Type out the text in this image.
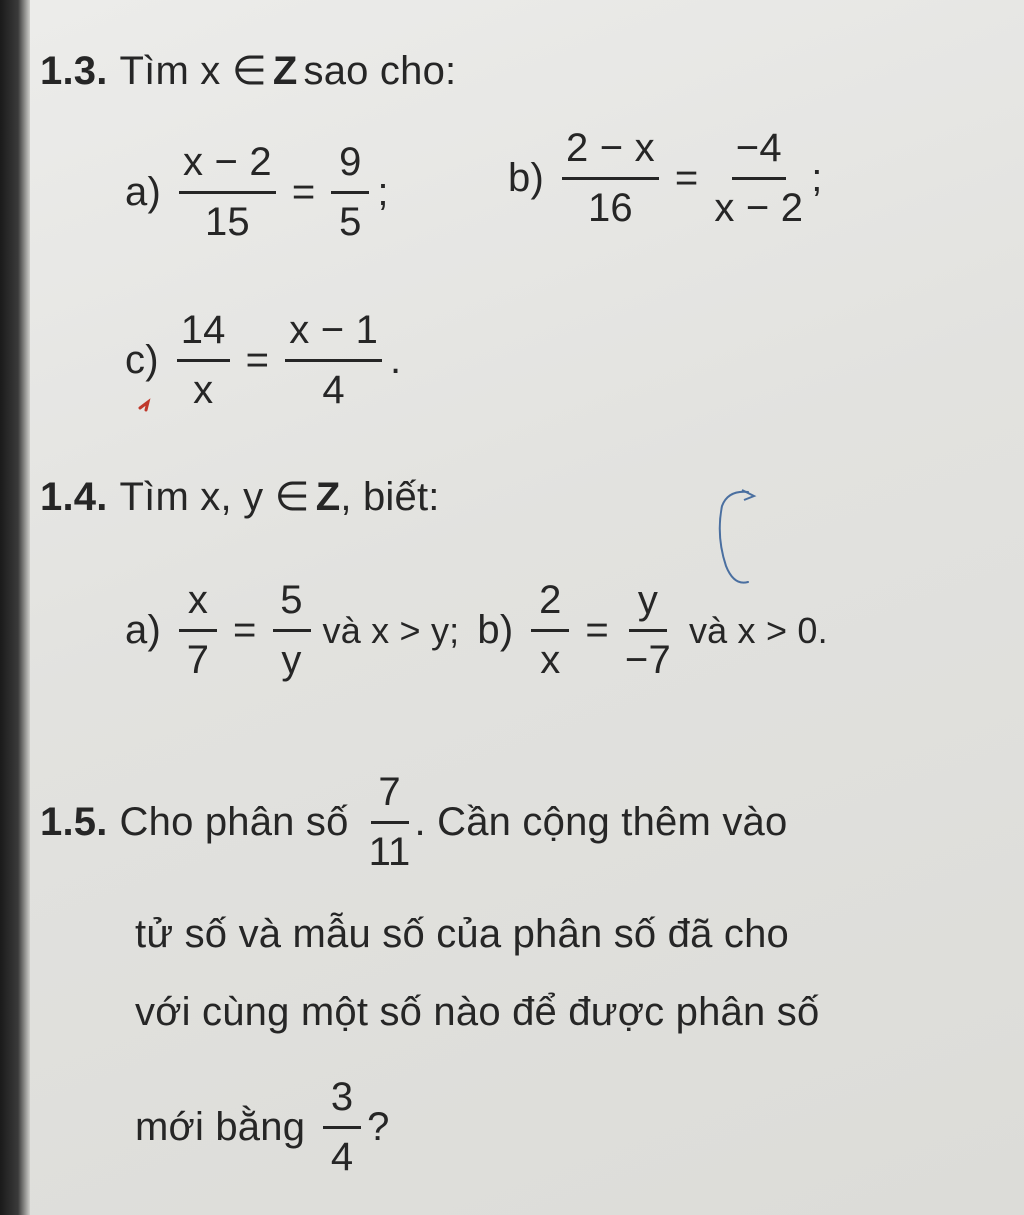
1.3. Tìm x ∈ Z sao cho:
$a) \frac{x - 2}{15} = \frac{9}{5}$ ;	$b) \frac{2 - x}{16} = \frac{-4}{x - 2}$ ;
$c) \frac{14}{x} = \frac{x - 1}{4}$ .
1.4. Tìm x, y ∈ Z , biết:
$a) \frac{x}{7} = \frac{5}{y}$ và x > y; $b) \frac{2}{x} = \frac{y}{-7}$ và x > 0.
1.5. Cho phân số $\frac{7}{11}$ . Cần cộng thêm vào
tử số và mẫu số của phân số đã cho
với cùng một số nào để được phân số
mới bằng $\frac{3}{4}$ ?
